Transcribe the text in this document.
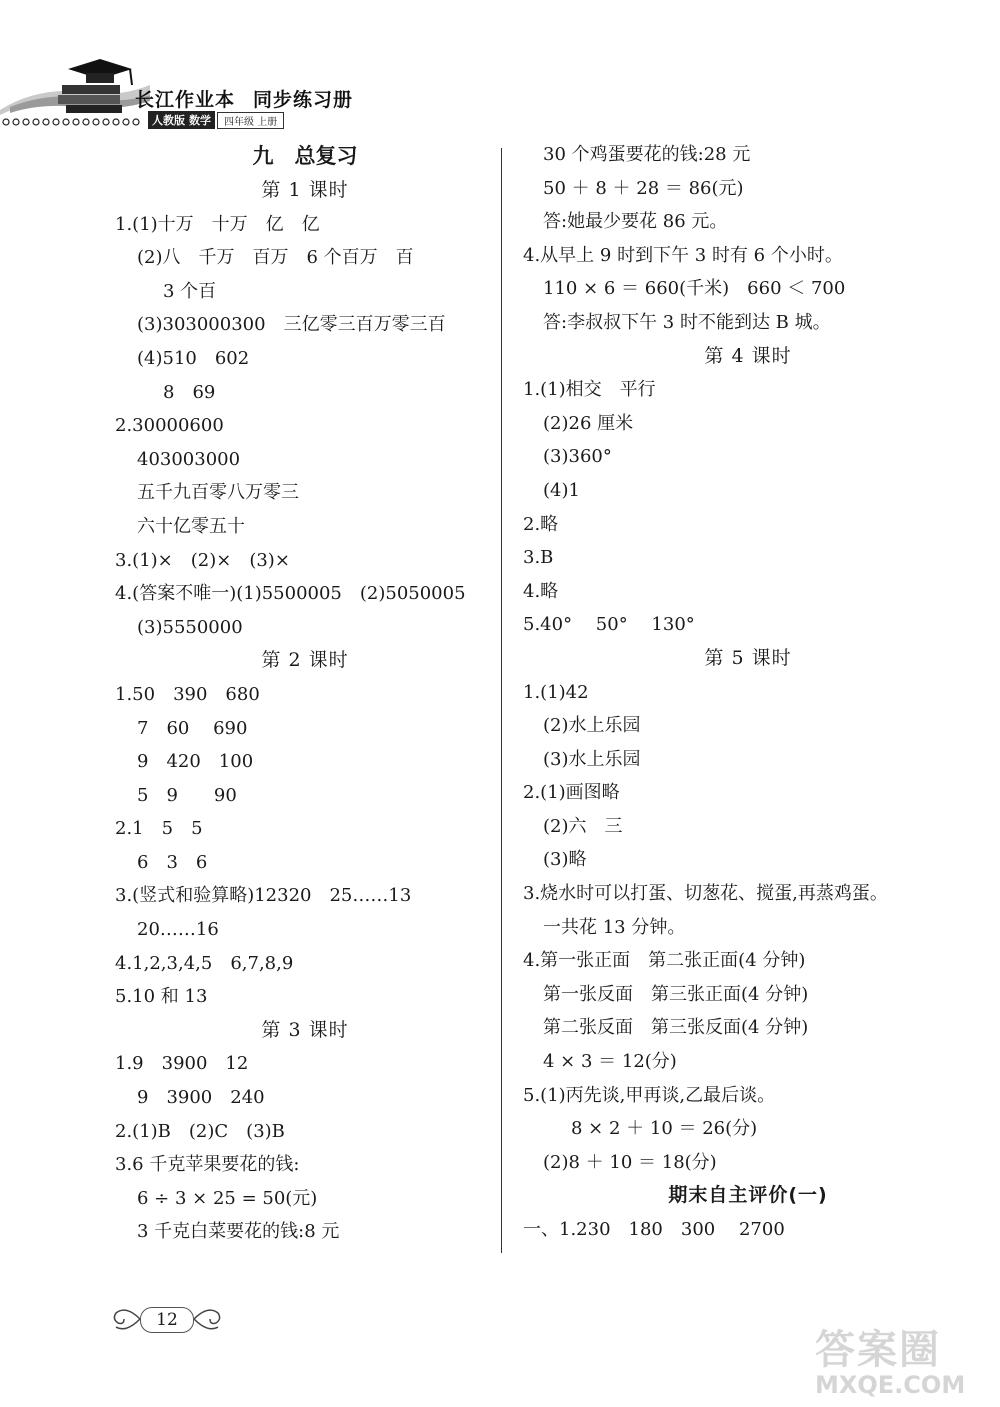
长江作业本 同步练习册
人教版 数学	四年级 上册
九　总复习
第 1 课时
1.(1)十万　十万　亿　亿
(2)八　千万　百万　6 个百万　百
3 个百
(3)303000300　三亿零三百万零三百
(4)510　602
8　69
2.30000600
403003000
五千九百零八万零三
六十亿零五十
3.(1)×　(2)×　(3)×
4.(答案不唯一)(1)5500005　(2)5050005
(3)5550000
第 2 课时
1.50　390　680
7　60　 690
9　420　100
5　9　　90
2.1　5　5
6　3　6
3.(竖式和验算略)12320　25……13
20……16
4.1,2,3,4,5　6,7,8,9
5.10 和 13
第 3 课时
1.9　3900　12
9　3900　240
2.(1)B　(2)C　(3)B
3.6 千克苹果要花的钱:
6 ÷ 3 × 25 = 50(元)
3 千克白菜要花的钱:8 元
30 个鸡蛋要花的钱:28 元
50 ＋ 8 ＋ 28 ＝ 86(元)
答:她最少要花 86 元。
4.从早上 9 时到下午 3 时有 6 个小时。
110 × 6 ＝ 660(千米)　660 ＜ 700
答:李叔叔下午 3 时不能到达 B 城。
第 4 课时
1.(1)相交　平行
(2)26 厘米
(3)360°
(4)1
2.略
3.B
4.略
5.40°　 50°　 130°
第 5 课时
1.(1)42
(2)水上乐园
(3)水上乐园
2.(1)画图略
(2)六　三
(3)略
3.烧水时可以打蛋、切葱花、搅蛋,再蒸鸡蛋。
一共花 13 分钟。
4.第一张正面　第二张正面(4 分钟)
第一张反面　第三张正面(4 分钟)
第二张反面　第三张反面(4 分钟)
4 × 3 ＝ 12(分)
5.(1)丙先谈,甲再谈,乙最后谈。
8 × 2 ＋ 10 ＝ 26(分)
(2)8 ＋ 10 ＝ 18(分)
期末自主评价(一)
一、1.230　180　300　 2700
12
答案圈
MXQE.COM
